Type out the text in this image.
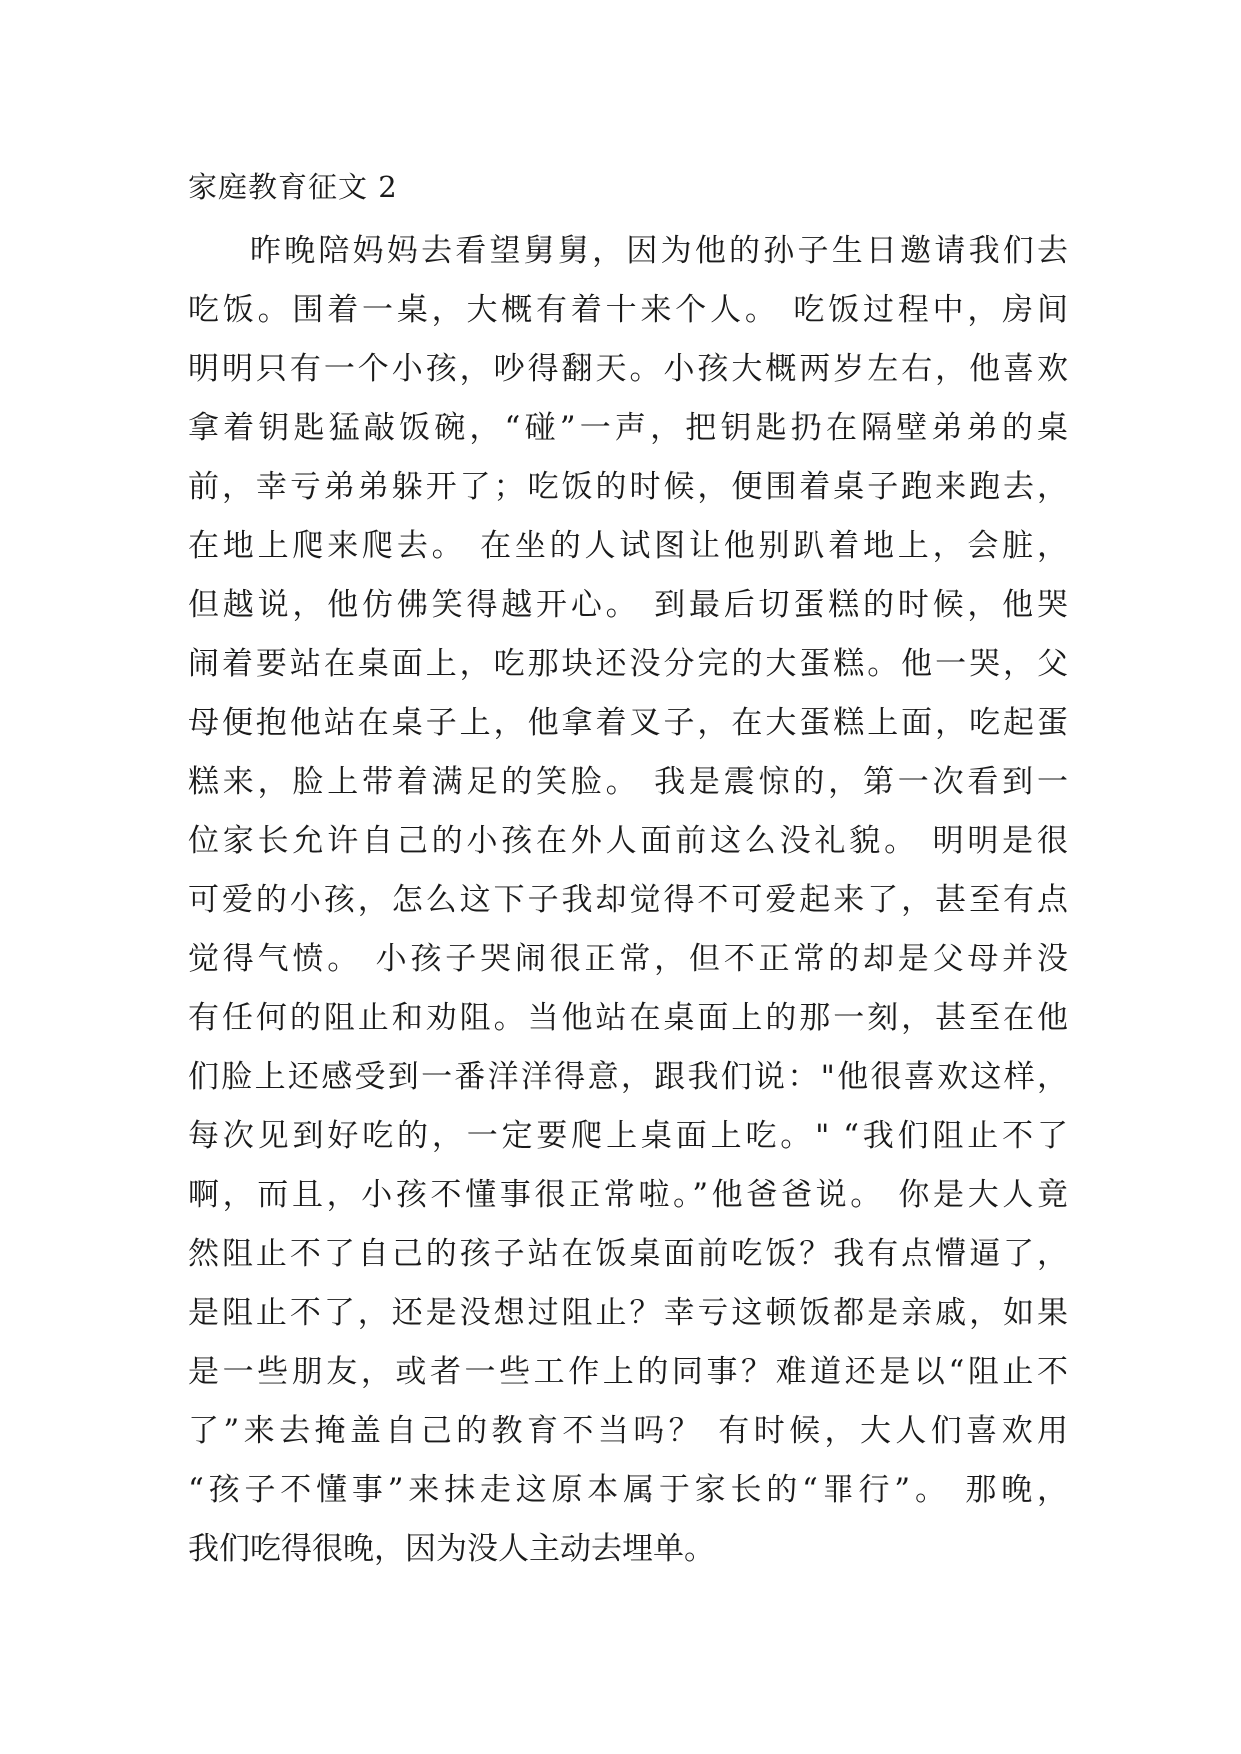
家庭教育征文 2
昨晚陪妈妈去看望舅舅，因为他的孙子生日邀请我们去
吃饭。围着一桌，大概有着十来个人。 吃饭过程中，房间
明明只有一个小孩，吵得翻天。小孩大概两岁左右，他喜欢
拿着钥匙猛敲饭碗，“碰”一声，把钥匙扔在隔壁弟弟的桌
前，幸亏弟弟躲开了；吃饭的时候，便围着桌子跑来跑去，
在地上爬来爬去。 在坐的人试图让他别趴着地上，会脏，
但越说，他仿佛笑得越开心。 到最后切蛋糕的时候，他哭
闹着要站在桌面上，吃那块还没分完的大蛋糕。他一哭，父
母便抱他站在桌子上，他拿着叉子，在大蛋糕上面，吃起蛋
糕来，脸上带着满足的笑脸。 我是震惊的，第一次看到一
位家长允许自己的小孩在外人面前这么没礼貌。 明明是很
可爱的小孩，怎么这下子我却觉得不可爱起来了，甚至有点
觉得气愤。 小孩子哭闹很正常，但不正常的却是父母并没
有任何的阻止和劝阻。当他站在桌面上的那一刻，甚至在他
们脸上还感受到一番洋洋得意，跟我们说："他很喜欢这样，
每次见到好吃的，一定要爬上桌面上吃。" “我们阻止不了
啊，而且，小孩不懂事很正常啦。”他爸爸说。 你是大人竟
然阻止不了自己的孩子站在饭桌面前吃饭？我有点懵逼了，
是阻止不了，还是没想过阻止？幸亏这顿饭都是亲戚，如果
是一些朋友，或者一些工作上的同事？难道还是以“阻止不
了”来去掩盖自己的教育不当吗？ 有时候，大人们喜欢用
“孩子不懂事”来抹走这原本属于家长的“罪行”。 那晚，
我们吃得很晚，因为没人主动去埋单。
